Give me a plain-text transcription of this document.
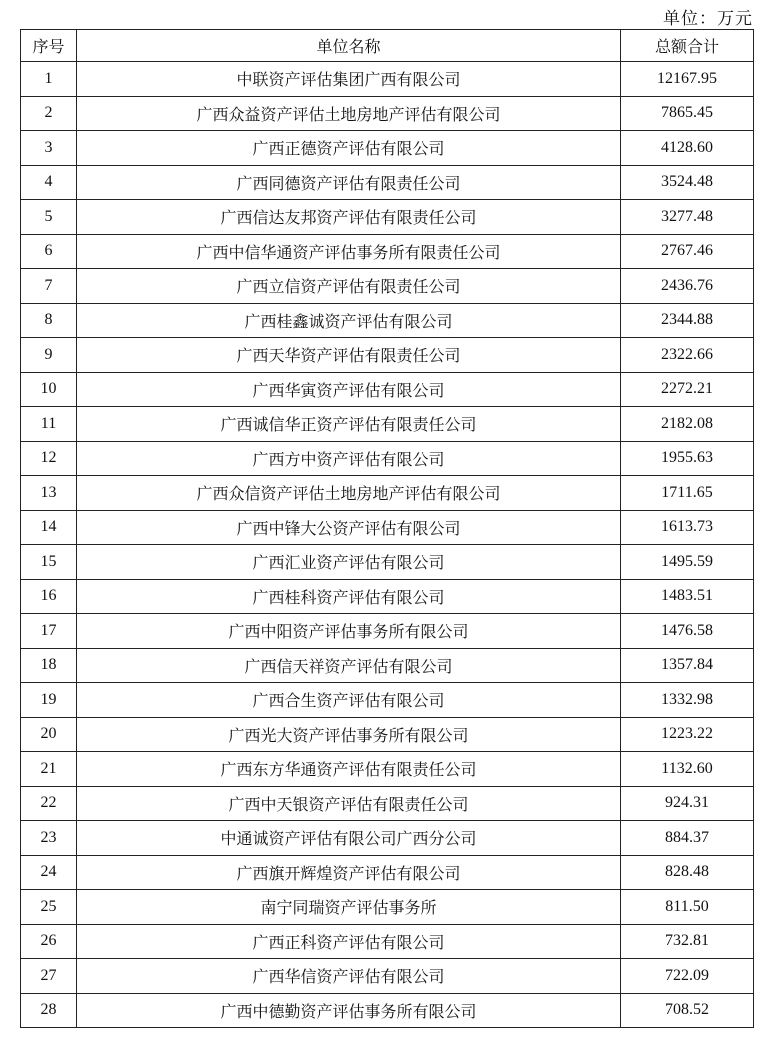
单位：万元
序号	单位名称	总额合计
1	中联资产评估集团广西有限公司	12167.95
2	广西众益资产评估土地房地产评估有限公司	7865.45
3	广西正德资产评估有限公司	4128.60
4	广西同德资产评估有限责任公司	3524.48
5	广西信达友邦资产评估有限责任公司	3277.48
6	广西中信华通资产评估事务所有限责任公司	2767.46
7	广西立信资产评估有限责任公司	2436.76
8	广西桂鑫诚资产评估有限公司	2344.88
9	广西天华资产评估有限责任公司	2322.66
10	广西华寅资产评估有限公司	2272.21
11	广西诚信华正资产评估有限责任公司	2182.08
12	广西方中资产评估有限公司	1955.63
13	广西众信资产评估土地房地产评估有限公司	1711.65
14	广西中锋大公资产评估有限公司	1613.73
15	广西汇业资产评估有限公司	1495.59
16	广西桂科资产评估有限公司	1483.51
17	广西中阳资产评估事务所有限公司	1476.58
18	广西信天祥资产评估有限公司	1357.84
19	广西合生资产评估有限公司	1332.98
20	广西光大资产评估事务所有限公司	1223.22
21	广西东方华通资产评估有限责任公司	1132.60
22	广西中天银资产评估有限责任公司	924.31
23	中通诚资产评估有限公司广西分公司	884.37
24	广西旗开辉煌资产评估有限公司	828.48
25	南宁同瑞资产评估事务所	811.50
26	广西正科资产评估有限公司	732.81
27	广西华信资产评估有限公司	722.09
28	广西中德勤资产评估事务所有限公司	708.52
